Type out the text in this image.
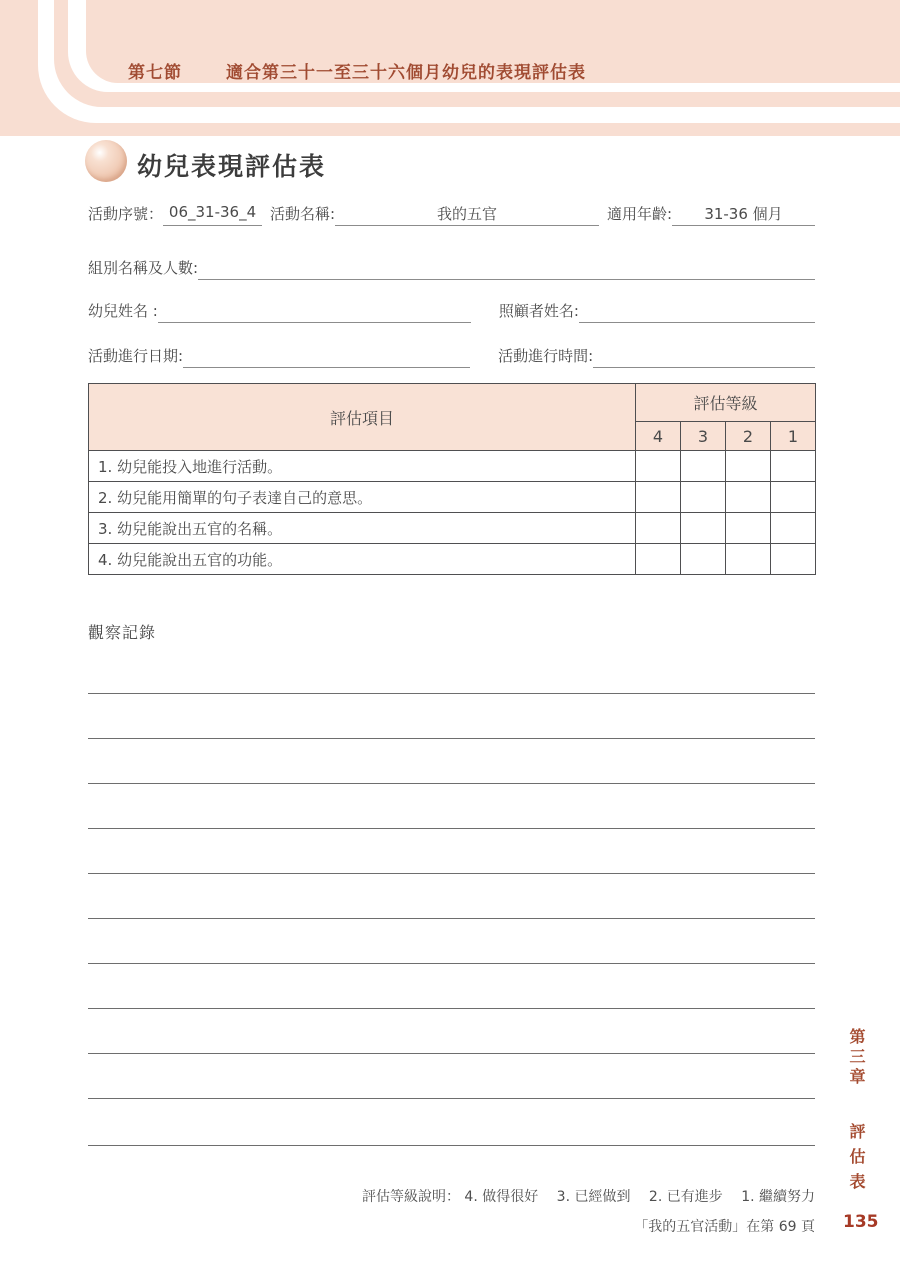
第七節	適合第三十一至三十六個月幼兒的表現評估表
幼兒表現評估表
活動序號： 06_31-36_4 活動名稱:	我的五官	適用年齡:	31-36 個月
組別名稱及人數:
幼兒姓名 :	照顧者姓名:
活動進行日期:	活動進行時間:
評估項目	評估等級			
	4	3	2	1
1. 幼兒能投入地進行活動。				
2. 幼兒能用簡單的句子表達自己的意思。				
3. 幼兒能說出五官的名稱。				
4. 幼兒能說出五官的功能。				
觀察記錄
第三章 評估表
評估等級說明： 4. 做得很好　 3. 已經做到　 2. 已有進步　 1. 繼續努力
「我的五官活動」在第 69 頁 135
